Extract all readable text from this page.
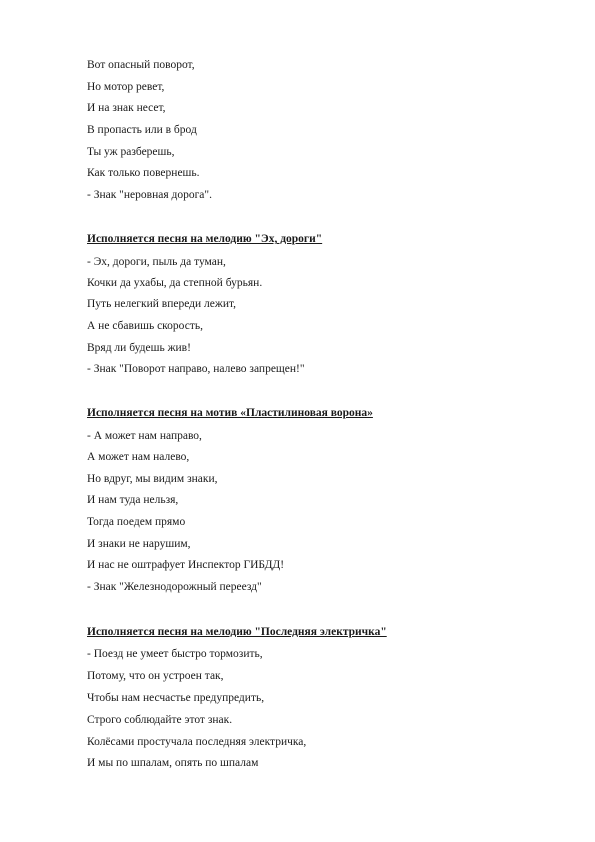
Вот опасный поворот,
Но мотор ревет,
И на знак несет,
В пропасть или в брод
Ты уж разберешь,
Как только повернешь.
- Знак "неровная дорога".
Исполняется песня на мелодию "Эх, дороги"
- Эх, дороги, пыль да туман,
Кочки да ухабы, да степной бурьян.
Путь нелегкий впереди лежит,
А не сбавишь скорость,
Вряд ли будешь жив!
- Знак "Поворот направо, налево запрещен!"
Исполняется песня на мотив «Пластилиновая ворона»
- А может нам направо,
А может нам налево,
Но вдруг, мы видим знаки,
И нам туда нельзя,
Тогда поедем прямо
И знаки не нарушим,
И нас не оштрафует Инспектор ГИБДД!
- Знак "Железнодорожный переезд"
Исполняется песня на мелодию "Последняя электричка"
- Поезд не умеет быстро тормозить,
Потому, что он устроен так,
Чтобы нам несчастье предупредить,
Строго соблюдайте этот знак.
Колёсами простучала последняя электричка,
И мы по шпалам, опять по шпалам
